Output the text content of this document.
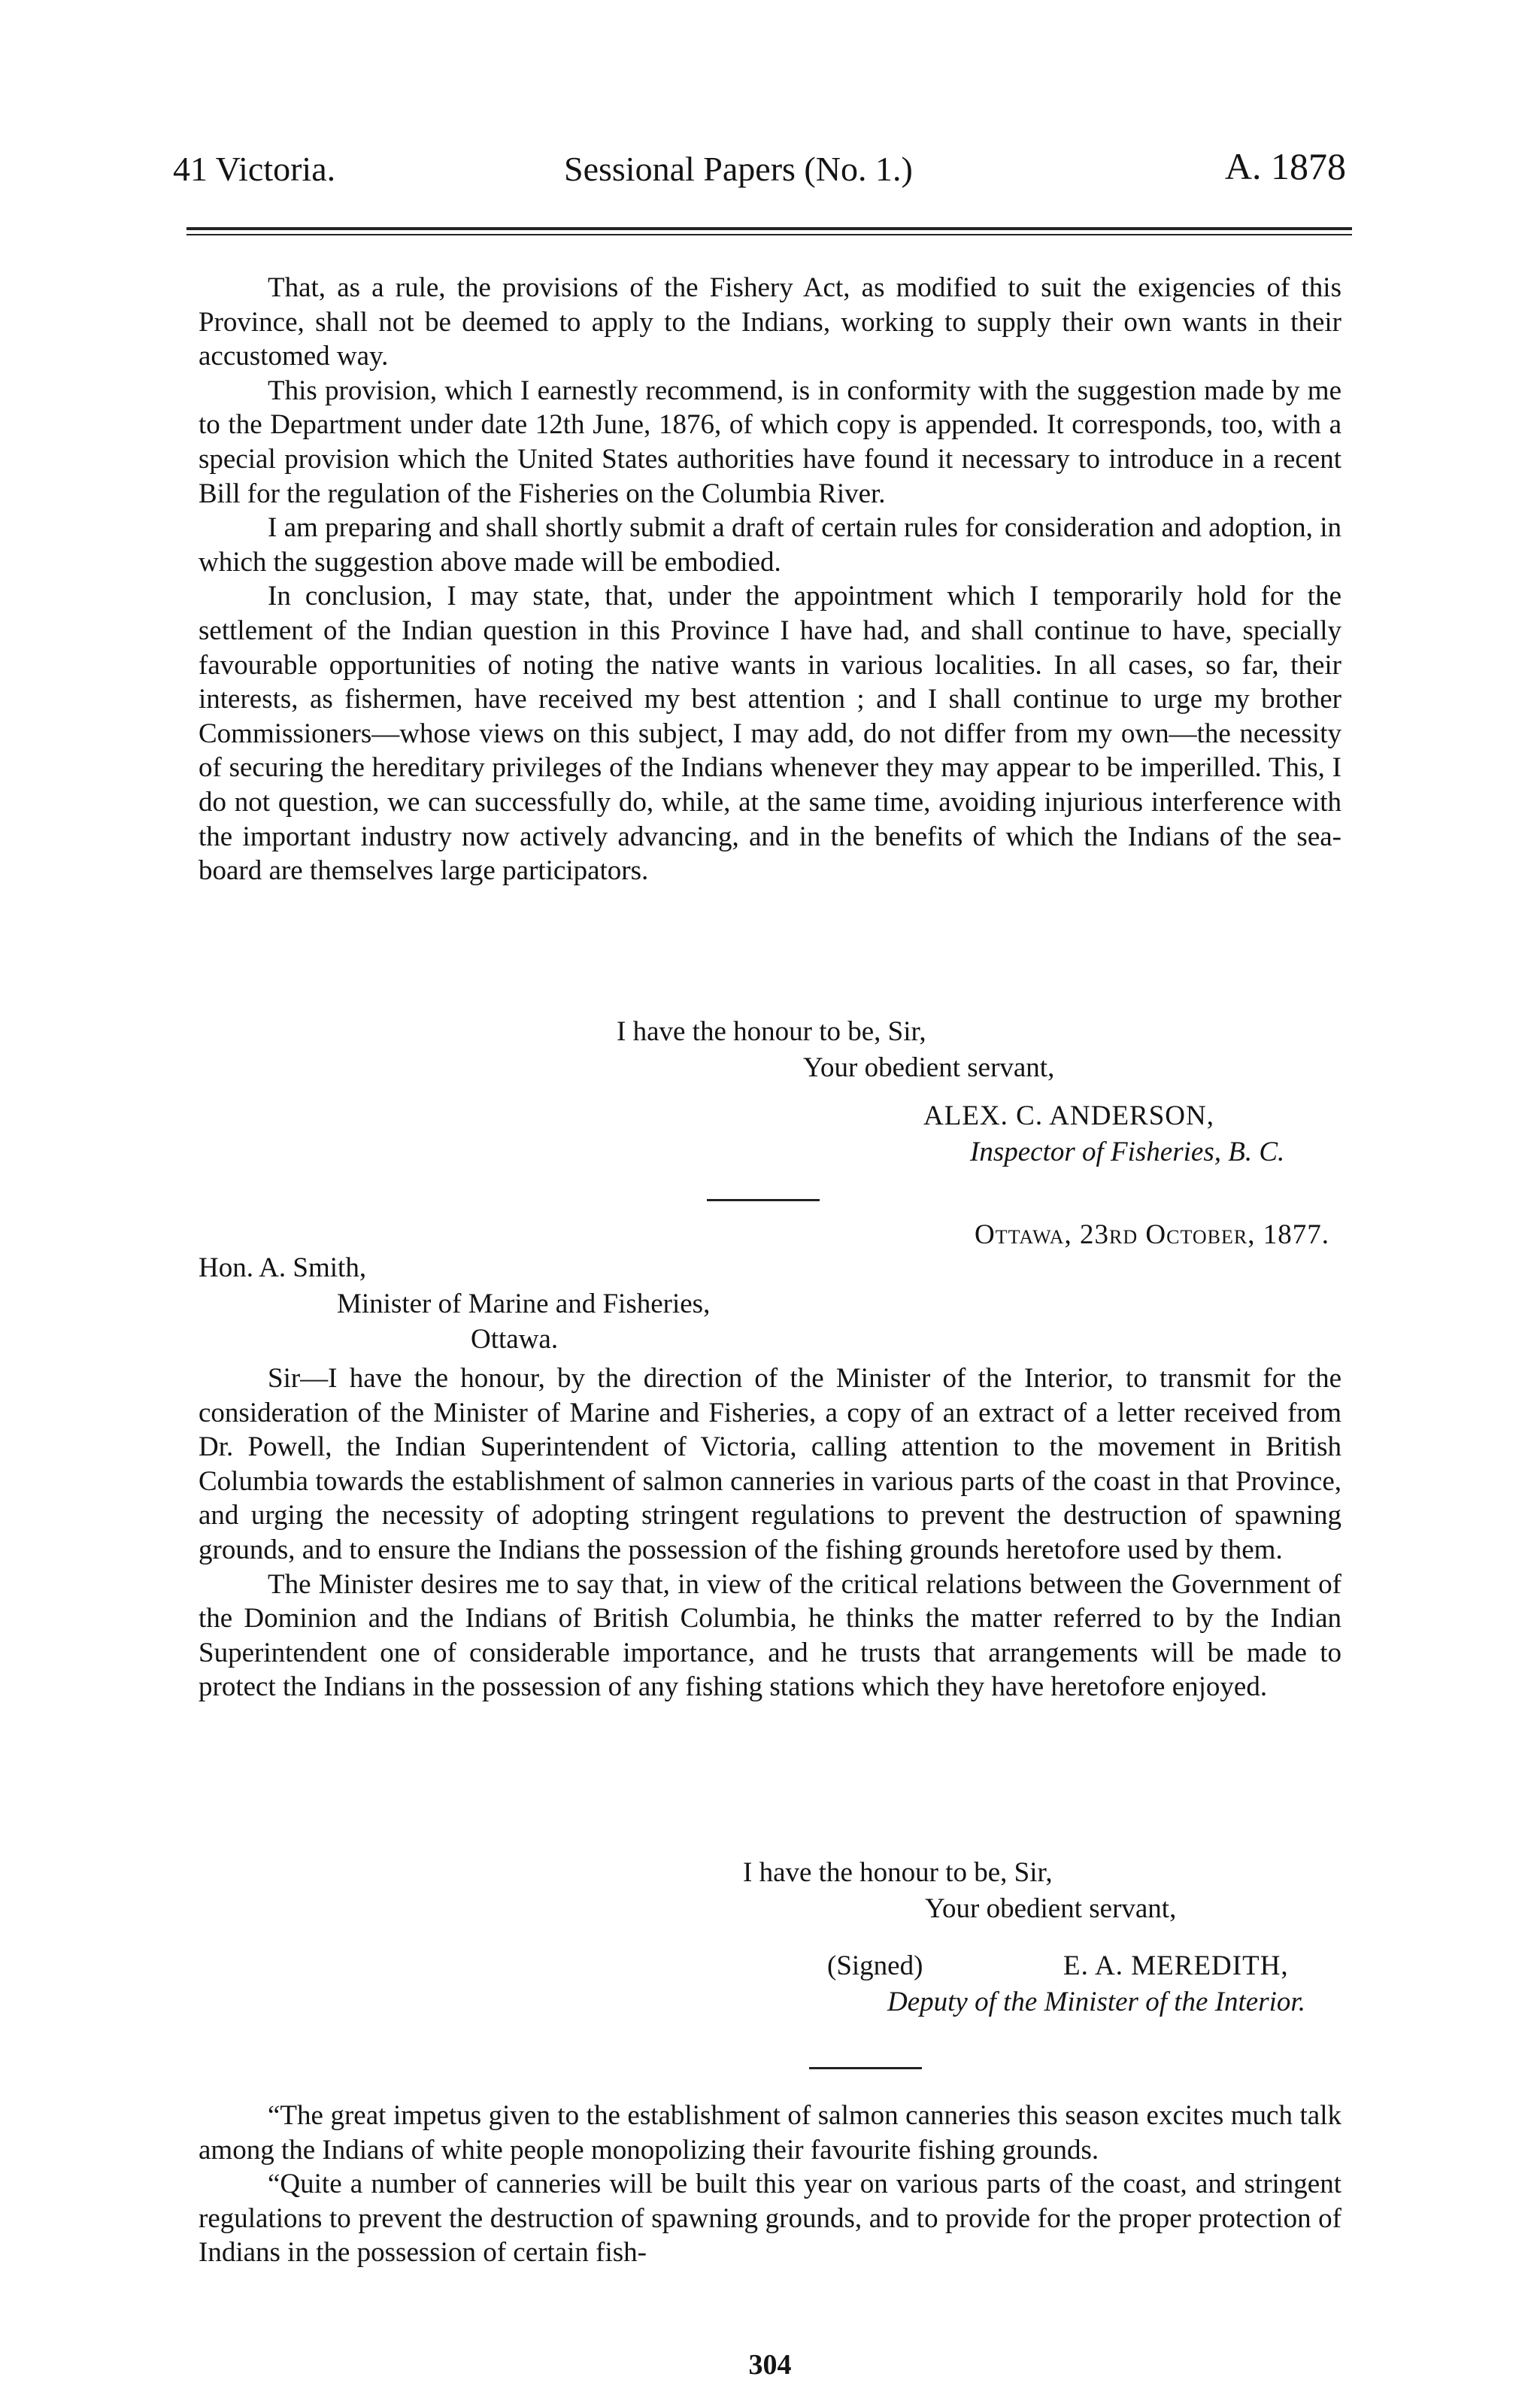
41 Victoria.	Sessional Papers (No. 1.)	A. 1878

That, as a rule, the provisions of the Fishery Act, as modified to suit the exigencies of this Province, shall not be deemed to apply to the Indians, working to supply their own wants in their accustomed way.

This provision, which I earnestly recommend, is in conformity with the suggestion made by me to the Department under date 12th June, 1876, of which copy is appended. It corresponds, too, with a special provision which the United States authorities have found it necessary to introduce in a recent Bill for the regulation of the Fisheries on the Columbia River.

I am preparing and shall shortly submit a draft of certain rules for consideration and adoption, in which the suggestion above made will be embodied.

In conclusion, I may state, that, under the appointment which I temporarily hold for the settlement of the Indian question in this Province I have had, and shall continue to have, specially favourable opportunities of noting the native wants in various localities. In all cases, so far, their interests, as fishermen, have received my best attention ; and I shall continue to urge my brother Commissioners—whose views on this subject, I may add, do not differ from my own—the necessity of securing the hereditary privileges of the Indians whenever they may appear to be imperilled. This, I do not question, we can successfully do, while, at the same time, avoiding injurious interference with the important industry now actively advancing, and in the benefits of which the Indians of the sea-board are themselves large participators.

I have the honour to be, Sir,
Your obedient servant,
ALEX. C. ANDERSON,
Inspector of Fisheries, B. C.
Ottawa, 23rd October, 1877.
Hon. A. Smith,
Minister of Marine and Fisheries,
Ottawa.

Sir—I have the honour, by the direction of the Minister of the Interior, to transmit for the consideration of the Minister of Marine and Fisheries, a copy of an extract of a letter received from Dr. Powell, the Indian Superintendent of Victoria, calling attention to the movement in British Columbia towards the establishment of salmon canneries in various parts of the coast in that Province, and urging the necessity of adopting stringent regulations to prevent the destruction of spawning grounds, and to ensure the Indians the possession of the fishing grounds heretofore used by them.

The Minister desires me to say that, in view of the critical relations between the Government of the Dominion and the Indians of British Columbia, he thinks the matter referred to by the Indian Superintendent one of considerable importance, and he trusts that arrangements will be made to protect the Indians in the possession of any fishing stations which they have heretofore enjoyed.

I have the honour to be, Sir,
Your obedient servant,
(Signed)	E. A. MEREDITH,
Deputy of the Minister of the Interior.

“The great impetus given to the establishment of salmon canneries this season excites much talk among the Indians of white people monopolizing their favourite fishing grounds.

“Quite a number of canneries will be built this year on various parts of the coast, and stringent regulations to prevent the destruction of spawning grounds, and to provide for the proper protection of Indians in the possession of certain fish-

304
